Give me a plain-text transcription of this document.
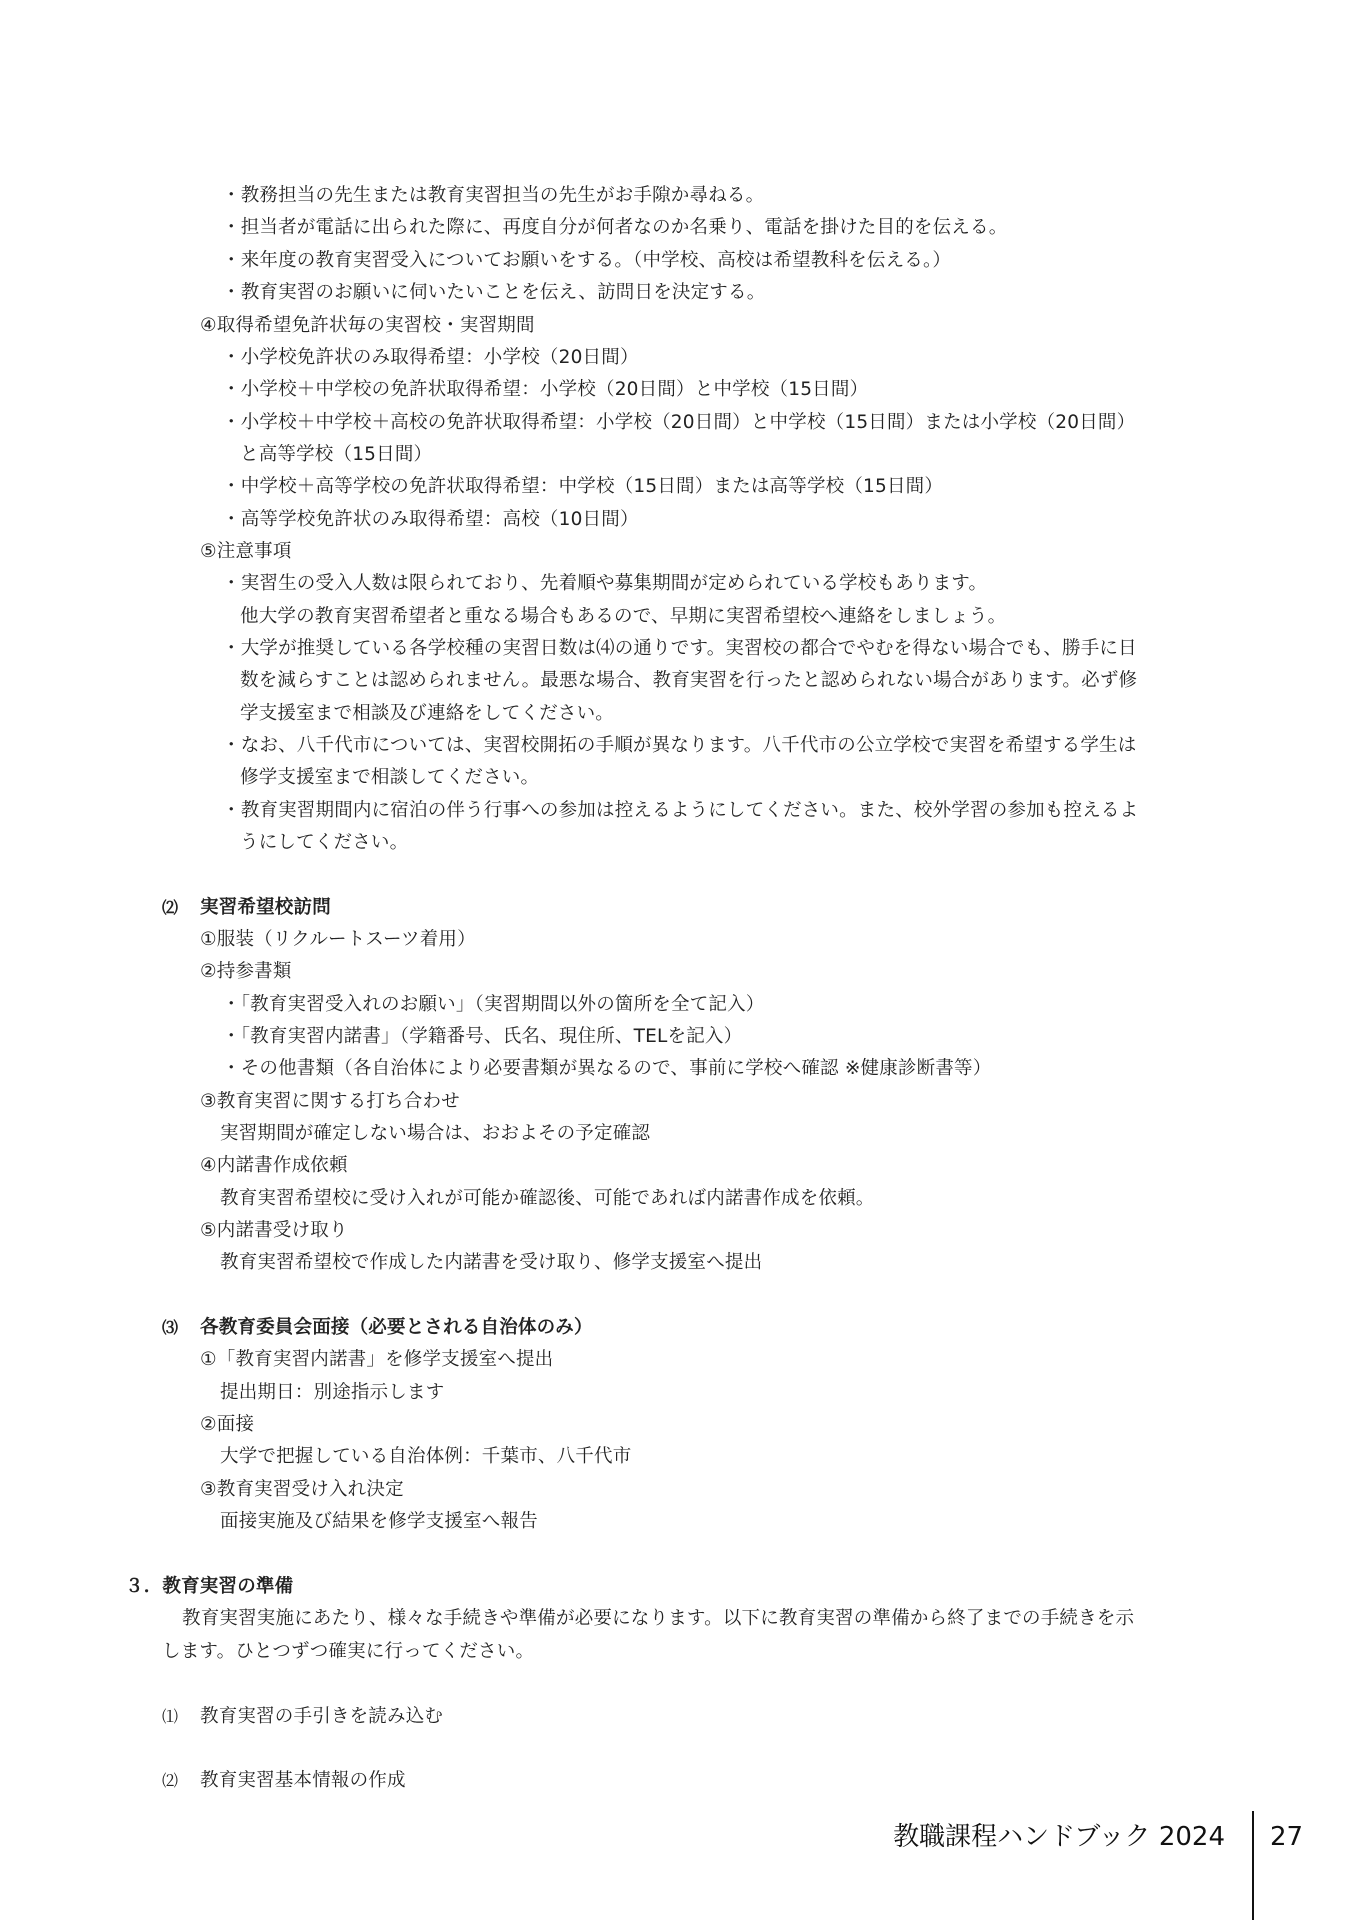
・教務担当の先生または教育実習担当の先生がお手隙か尋ねる。
・担当者が電話に出られた際に、再度自分が何者なのか名乗り、電話を掛けた目的を伝える。
・来年度の教育実習受入についてお願いをする。（中学校、高校は希望教科を伝える。）
・教育実習のお願いに伺いたいことを伝え、訪問日を決定する。
④取得希望免許状毎の実習校・実習期間
・小学校免許状のみ取得希望：小学校（20日間）
・小学校＋中学校の免許状取得希望：小学校（20日間）と中学校（15日間）
・小学校＋中学校＋高校の免許状取得希望：小学校（20日間）と中学校（15日間）または小学校（20日間）
と高等学校（15日間）
・中学校＋高等学校の免許状取得希望：中学校（15日間）または高等学校（15日間）
・高等学校免許状のみ取得希望：高校（10日間）
⑤注意事項
・実習生の受入人数は限られており、先着順や募集期間が定められている学校もあります。
他大学の教育実習希望者と重なる場合もあるので、早期に実習希望校へ連絡をしましょう。
・大学が推奨している各学校種の実習日数は⑷の通りです。実習校の都合でやむを得ない場合でも、勝手に日
数を減らすことは認められません。最悪な場合、教育実習を行ったと認められない場合があります。必ず修
学支援室まで相談及び連絡をしてください。
・なお、八千代市については、実習校開拓の手順が異なります。八千代市の公立学校で実習を希望する学生は
修学支援室まで相談してください。
・教育実習期間内に宿泊の伴う行事への参加は控えるようにしてください。また、校外学習の参加も控えるよ
うにしてください。
⑵ 実習希望校訪問
①服装（リクルートスーツ着用）
②持参書類
・「教育実習受入れのお願い」（実習期間以外の箇所を全て記入）
・「教育実習内諾書」（学籍番号、氏名、現住所、TELを記入）
・その他書類（各自治体により必要書類が異なるので、事前に学校へ確認 ※健康診断書等）
③教育実習に関する打ち合わせ
実習期間が確定しない場合は、おおよその予定確認
④内諾書作成依頼
教育実習希望校に受け入れが可能か確認後、可能であれば内諾書作成を依頼。
⑤内諾書受け取り
教育実習希望校で作成した内諾書を受け取り、修学支援室へ提出
⑶ 各教育委員会面接（必要とされる自治体のみ）
①「教育実習内諾書」を修学支援室へ提出
提出期日：別途指示します
②面接
大学で把握している自治体例：千葉市、八千代市
③教育実習受け入れ決定
面接実施及び結果を修学支援室へ報告
３．教育実習の準備
教育実習実施にあたり、様々な手続きや準備が必要になります。以下に教育実習の準備から終了までの手続きを示
します。ひとつずつ確実に行ってください。
⑴ 教育実習の手引きを読み込む
⑵ 教育実習基本情報の作成
教職課程ハンドブック 2024 27
